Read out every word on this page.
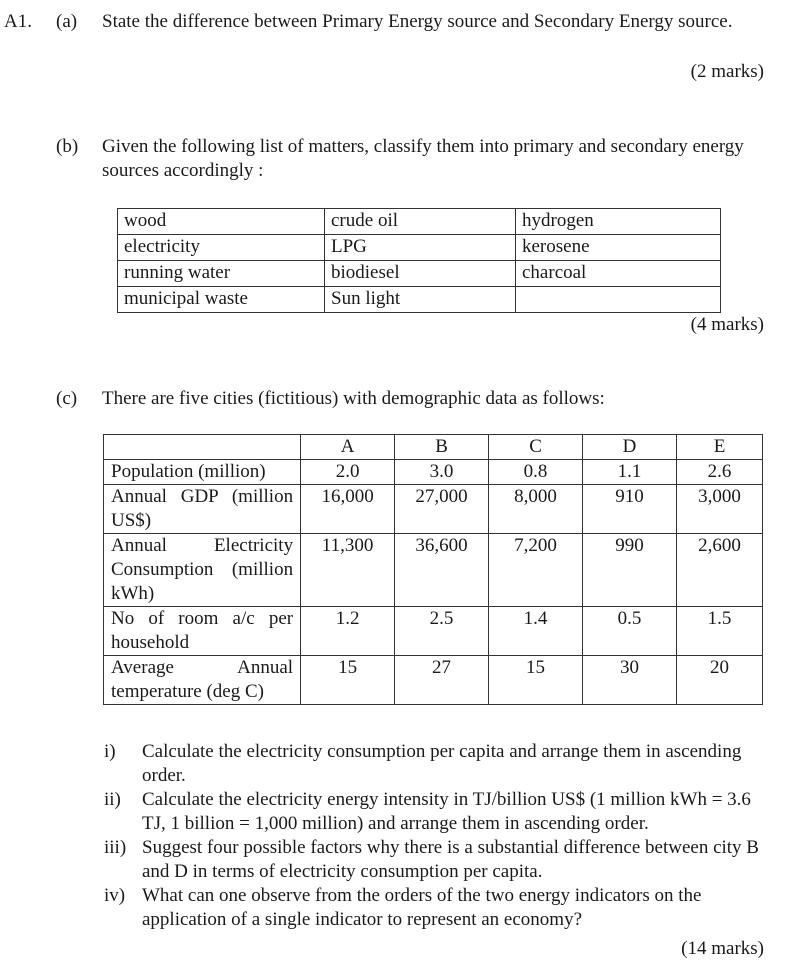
A1. (a) State the difference between Primary Energy source and Secondary Energy source.
(2 marks)
(b) Given the following list of matters, classify them into primary and secondary energy sources accordingly :
wood	crude oil	hydrogen
electricity	LPG	kerosene
running water	biodiesel	charcoal
municipal waste	Sun light	
(4 marks)
(c) There are five cities (fictitious) with demographic data as follows:
	A	B	C	D	E
Population (million)	2.0	3.0	0.8	1.1	2.6
Annual GDP (million US$)	16,000	27,000	8,000	910	3,000
Annual Electricity Consumption (million kWh)	11,300	36,600	7,200	990	2,600
No of room a/c per household	1.2	2.5	1.4	0.5	1.5
Average Annual temperature (deg C)	15	27	15	30	20
i) Calculate the electricity consumption per capita and arrange them in ascending order.
ii) Calculate the electricity energy intensity in TJ/billion US$ (1 million kWh = 3.6 TJ, 1 billion = 1,000 million) and arrange them in ascending order.
iii) Suggest four possible factors why there is a substantial difference between city B and D in terms of electricity consumption per capita.
iv) What can one observe from the orders of the two energy indicators on the application of a single indicator to represent an economy?
(14 marks)
